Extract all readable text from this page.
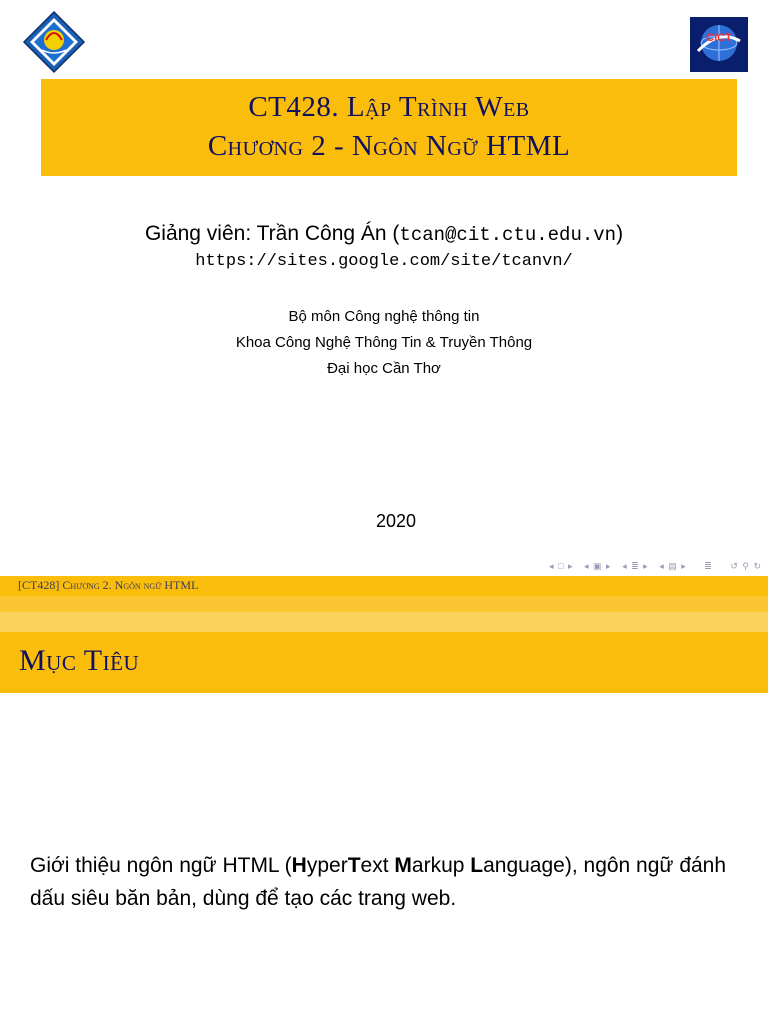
CICT
CT428. Lập Trình Web
Chương 2 - Ngôn Ngữ HTML
Giảng viên: Trần Công Án (tcan@cit.ctu.edu.vn)
https://sites.google.com/site/tcanvn/
Bộ môn Công nghệ thông tin
Khoa Công Nghệ Thông Tin & Truyền Thông
Đại học Cần Thơ
2020
◂ □ ▸ ◂ ▣ ▸ ◂ ≣ ▸ ◂ ▤ ▸ ≣ ↺ ⚲ ↻
[CT428] Chương 2. Ngôn ngữ HTML
Mục Tiêu
Giới thiệu ngôn ngữ HTML (HyperText Markup Language), ngôn ngữ đánh dấu siêu băn bản, dùng để tạo các trang web.
